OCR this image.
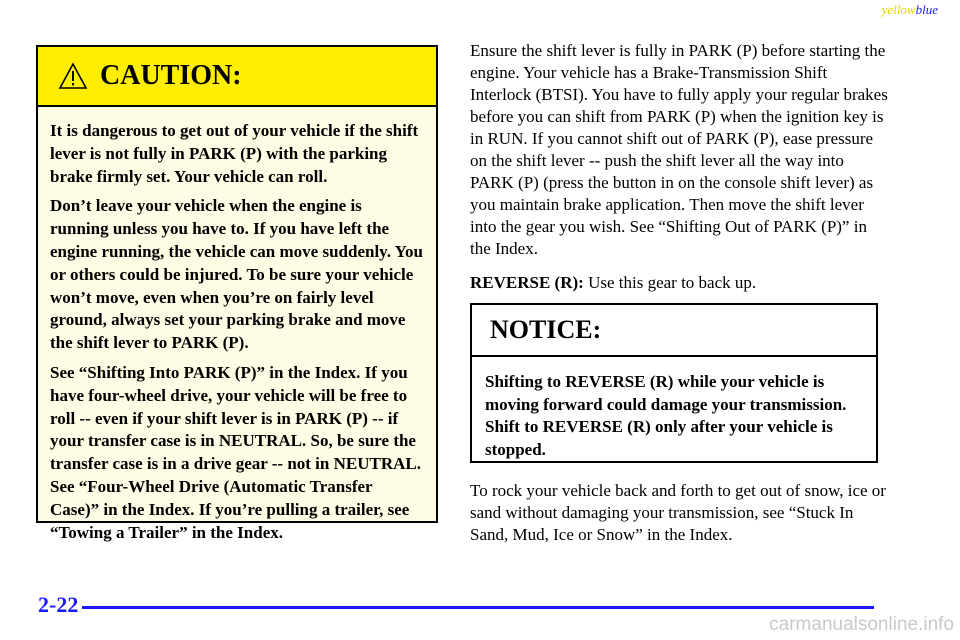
yellowblue
CAUTION:

It is dangerous to get out of your vehicle if the shift lever is not fully in PARK (P) with the parking brake firmly set. Your vehicle can roll.

Don’t leave your vehicle when the engine is running unless you have to. If you have left the engine running, the vehicle can move suddenly. You or others could be injured. To be sure your vehicle won’t move, even when you’re on fairly level ground, always set your parking brake and move the shift lever to PARK (P).

See “Shifting Into PARK (P)” in the Index. If you have four-wheel drive, your vehicle will be free to roll -- even if your shift lever is in PARK (P) -- if your transfer case is in NEUTRAL. So, be sure the transfer case is in a drive gear -- not in NEUTRAL. See “Four-Wheel Drive (Automatic Transfer Case)” in the Index. If you’re pulling a trailer, see “Towing a Trailer” in the Index.

Ensure the shift lever is fully in PARK (P) before starting the engine. Your vehicle has a Brake-Transmission Shift Interlock (BTSI). You have to fully apply your regular brakes before you can shift from PARK (P) when the ignition key is in RUN. If you cannot shift out of PARK (P), ease pressure on the shift lever -- push the shift lever all the way into PARK (P) (press the button in on the console shift lever) as you maintain brake application. Then move the shift lever into the gear you wish. See “Shifting Out of PARK (P)” in the Index.

REVERSE (R): Use this gear to back up.

NOTICE:

Shifting to REVERSE (R) while your vehicle is moving forward could damage your transmission. Shift to REVERSE (R) only after your vehicle is stopped.

To rock your vehicle back and forth to get out of snow, ice or sand without damaging your transmission, see “Stuck In Sand, Mud, Ice or Snow” in the Index.

2-22
carmanualsonline.info
